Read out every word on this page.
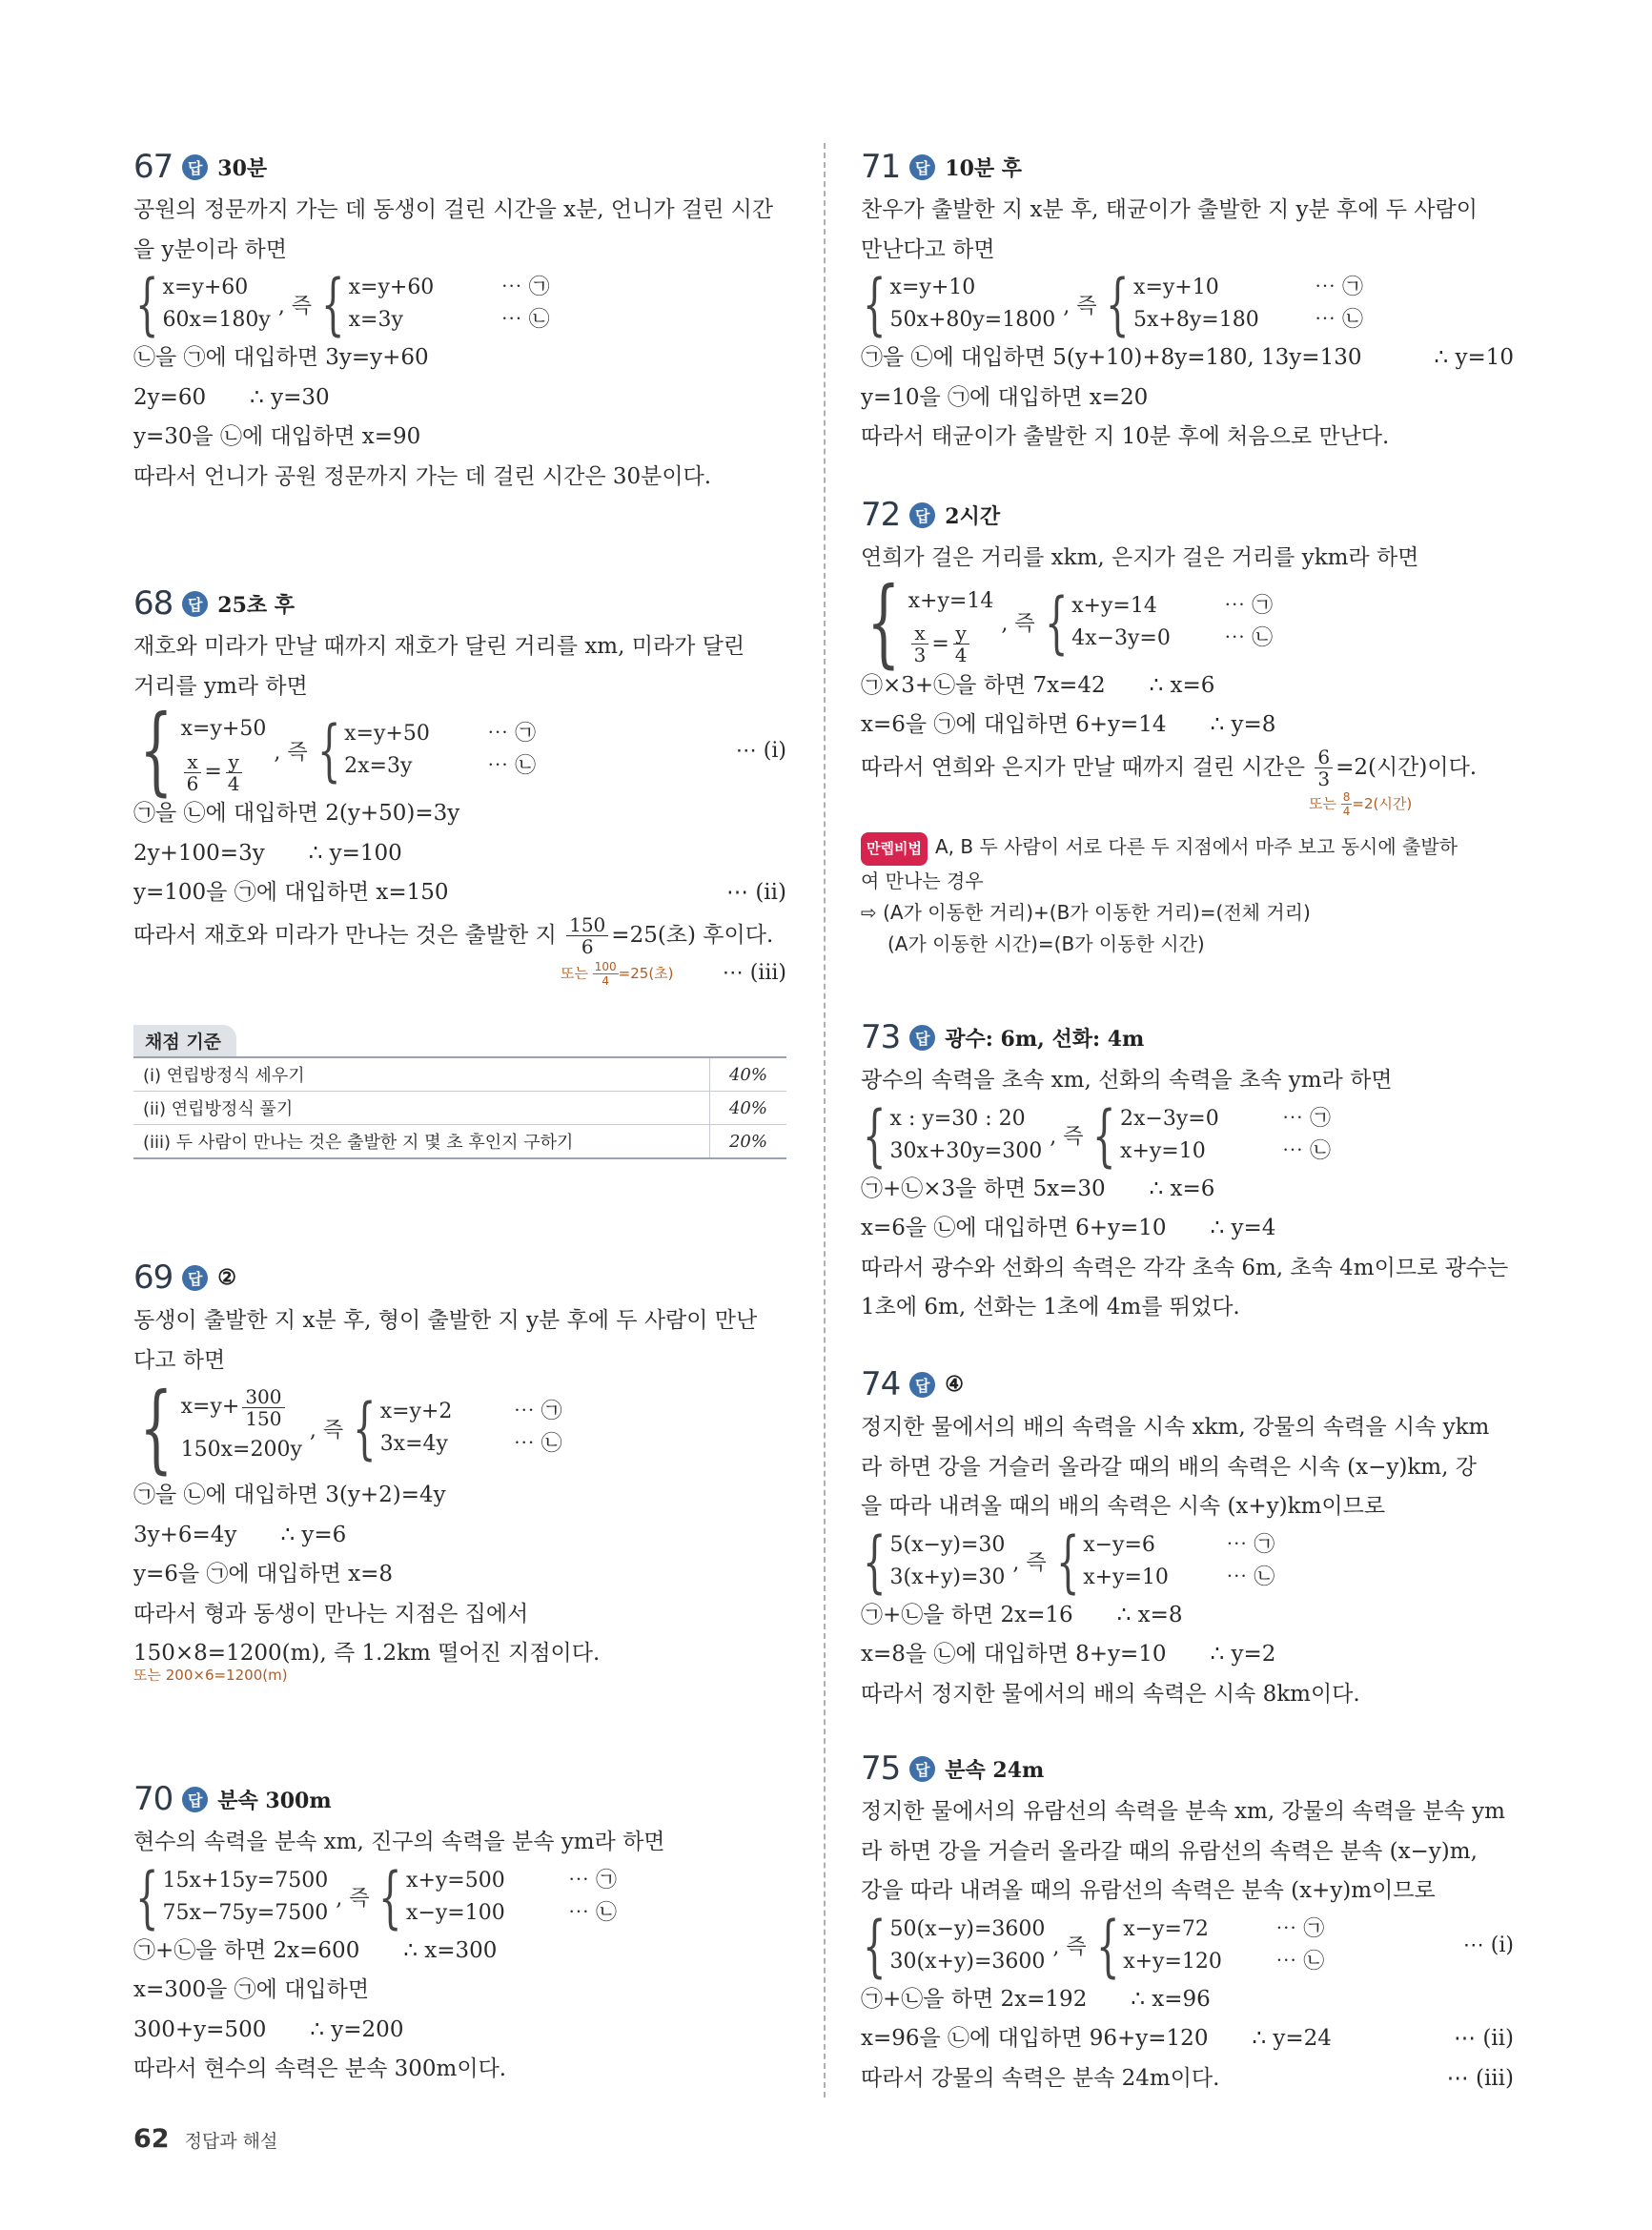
67 답 30분
공원의 정문까지 가는 데 동생이 걸린 시간을 x분, 언니가 걸린 시간
을 y분이라 하면
{ x=y+60
60x=180y
, 즉 { x=y+60
x=3y
⋯ ㉠
⋯ ㉡
㉡을 ㉠에 대입하면 3y=y+60
2y=60 ∴ y=30
y=30을 ㉡에 대입하면 x=90
따라서 언니가 공원 정문까지 가는 데 걸린 시간은 30분이다.
68 답 25초 후
재호와 미라가 만날 때까지 재호가 달린 거리를 xm, 미라가 달린
거리를 ym라 하면
{ x=y+50
$\frac{x}{6} = \frac{y}{4}$ , 즉 { x=y+50
2x=3y
⋯ ㉠
⋯ ㉡
⋯ (i)
㉠을 ㉡에 대입하면 2(y+50)=3y
2y+100=3y ∴ y=100
y=100을 ㉠에 대입하면 x=150	⋯ (ii)
따라서 재호와 미라가 만나는 것은 출발한 지 $\frac{150}{6} =25$(초) 후이다.
또는 $\frac{100}{4} =25$(초) ⋯ (iii)
채점 기준
(i) 연립방정식 세우기	40%
(ii) 연립방정식 풀기	40%
(iii) 두 사람이 만나는 것은 출발한 지 몇 초 후인지 구하기	20%
69 답 ②
동생이 출발한 지 x분 후, 형이 출발한 지 y분 후에 두 사람이 만난
다고 하면
{ $x=y+ \frac{300}{150}$
150x=200y
, 즉 { x=y+2
3x=4y
⋯ ㉠
⋯ ㉡
㉠을 ㉡에 대입하면 3(y+2)=4y
3y+6=4y ∴ y=6
y=6을 ㉠에 대입하면 x=8
따라서 형과 동생이 만나는 지점은 집에서
150×8=1200(m), 즉 1.2km 떨어진 지점이다.
또는 200×6=1200(m)
70 답 분속 300m
현수의 속력을 분속 xm, 진구의 속력을 분속 ym라 하면
{ 15x+15y=7500
75x−75y=7500
, 즉 { x+y=500
x−y=100
⋯ ㉠
⋯ ㉡
㉠+㉡을 하면 2x=600 ∴ x=300
x=300을 ㉠에 대입하면
300+y=500 ∴ y=200
따라서 현수의 속력은 분속 300m이다.
71 답 10분 후
찬우가 출발한 지 x분 후, 태균이가 출발한 지 y분 후에 두 사람이
만난다고 하면
{ x=y+10
50x+80y=1800
, 즉 { x=y+10
5x+8y=180
⋯ ㉠
⋯ ㉡
㉠을 ㉡에 대입하면 5(y+10)+8y=180, 13y=130	∴ y=10
y=10을 ㉠에 대입하면 x=20
따라서 태균이가 출발한 지 10분 후에 처음으로 만난다.
72 답 2시간
연희가 걸은 거리를 xkm, 은지가 걸은 거리를 ykm라 하면
{ x+y=14
$\frac{x}{3} = \frac{y}{4}$ , 즉 { x+y=14
4x−3y=0
⋯ ㉠
⋯ ㉡
㉠×3+㉡을 하면 7x=42 ∴ x=6
x=6을 ㉠에 대입하면 6+y=14 ∴ y=8
따라서 연희와 은지가 만날 때까지 걸린 시간은 $\frac{6}{3} =2$(시간)이다.
또는 $\frac{8}{4} =2$(시간)
만렙비법 A, B 두 사람이 서로 다른 두 지점에서 마주 보고 동시에 출발하
여 만나는 경우
⇨ (A가 이동한 거리)+(B가 이동한 거리)=(전체 거리)
(A가 이동한 시간)=(B가 이동한 시간)
73 답 광수: 6m, 선화: 4m
광수의 속력을 초속 xm, 선화의 속력을 초속 ym라 하면
{ x : y=30 : 20
30x+30y=300
, 즉 { 2x−3y=0
x+y=10
⋯ ㉠
⋯ ㉡
㉠+㉡×3을 하면 5x=30 ∴ x=6
x=6을 ㉡에 대입하면 6+y=10 ∴ y=4
따라서 광수와 선화의 속력은 각각 초속 6m, 초속 4m이므로 광수는
1초에 6m, 선화는 1초에 4m를 뛰었다.
74 답 ④
정지한 물에서의 배의 속력을 시속 xkm, 강물의 속력을 시속 ykm
라 하면 강을 거슬러 올라갈 때의 배의 속력은 시속 (x−y)km, 강
을 따라 내려올 때의 배의 속력은 시속 (x+y)km이므로
{ 5(x−y)=30
3(x+y)=30
, 즉 { x−y=6
x+y=10
⋯ ㉠
⋯ ㉡
㉠+㉡을 하면 2x=16 ∴ x=8
x=8을 ㉡에 대입하면 8+y=10 ∴ y=2
따라서 정지한 물에서의 배의 속력은 시속 8km이다.
75 답 분속 24m
정지한 물에서의 유람선의 속력을 분속 xm, 강물의 속력을 분속 ym
라 하면 강을 거슬러 올라갈 때의 유람선의 속력은 분속 (x−y)m,
강을 따라 내려올 때의 유람선의 속력은 분속 (x+y)m이므로
{ 50(x−y)=3600
30(x+y)=3600
, 즉 { x−y=72
x+y=120
⋯ ㉠
⋯ ㉡
⋯ (i)
㉠+㉡을 하면 2x=192 ∴ x=96
x=96을 ㉡에 대입하면 96+y=120 ∴ y=24	⋯ (ii)
따라서 강물의 속력은 분속 24m이다.	⋯ (iii)
62 정답과 해설
